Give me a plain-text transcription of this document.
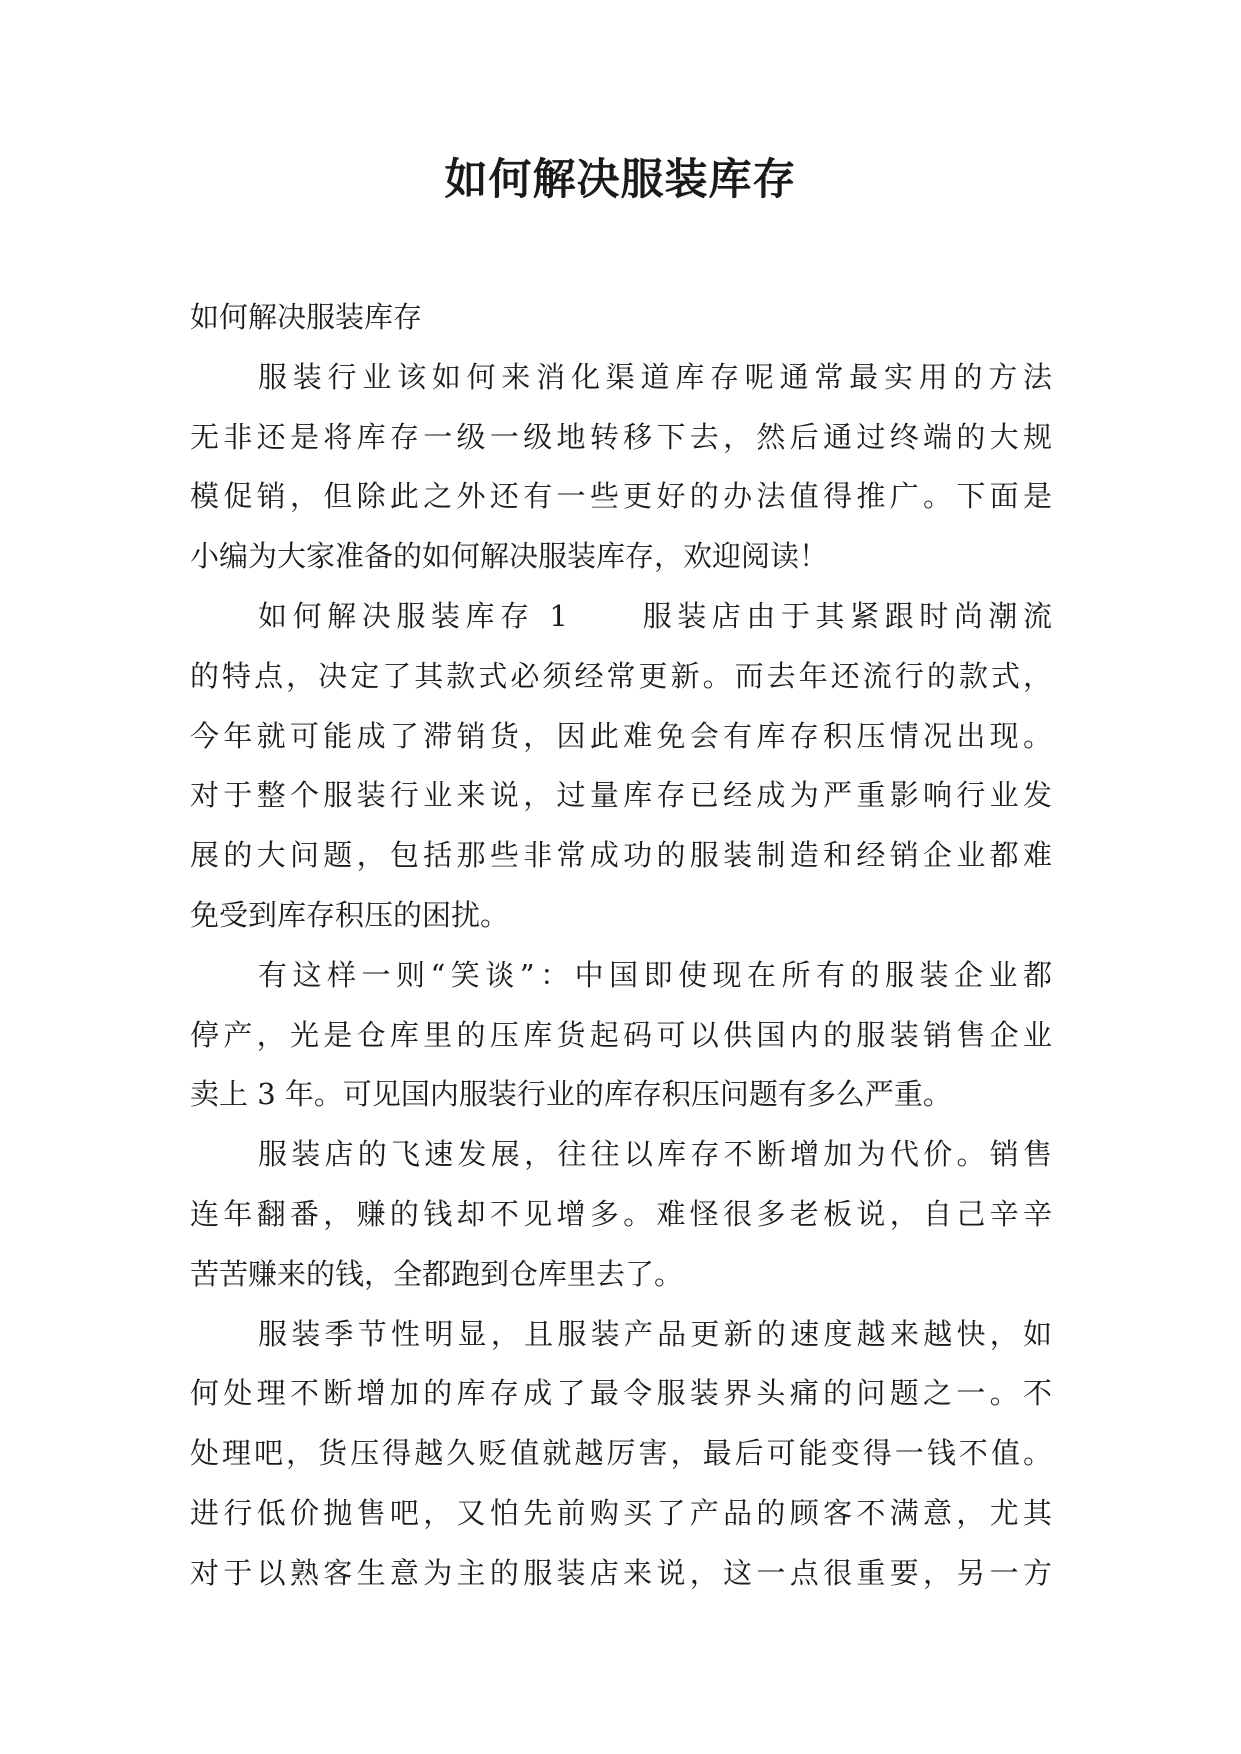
如何解决服装库存
如何解决服装库存
服装行业该如何来消化渠道库存呢通常最实用的方法
无非还是将库存一级一级地转移下去，然后通过终端的大规
模促销，但除此之外还有一些更好的办法值得推广。下面是
小编为大家准备的如何解决服装库存，欢迎阅读！
如何解决服装库存 1　　服装店由于其紧跟时尚潮流
的特点，决定了其款式必须经常更新。而去年还流行的款式，
今年就可能成了滞销货，因此难免会有库存积压情况出现。
对于整个服装行业来说，过量库存已经成为严重影响行业发
展的大问题，包括那些非常成功的服装制造和经销企业都难
免受到库存积压的困扰。
有这样一则“笑谈”：中国即使现在所有的服装企业都
停产，光是仓库里的压库货起码可以供国内的服装销售企业
卖上 3 年。可见国内服装行业的库存积压问题有多么严重。
服装店的飞速发展，往往以库存不断增加为代价。销售
连年翻番，赚的钱却不见增多。难怪很多老板说，自己辛辛
苦苦赚来的钱，全都跑到仓库里去了。
服装季节性明显，且服装产品更新的速度越来越快，如
何处理不断增加的库存成了最令服装界头痛的问题之一。不
处理吧，货压得越久贬值就越厉害，最后可能变得一钱不值。
进行低价抛售吧，又怕先前购买了产品的顾客不满意，尤其
对于以熟客生意为主的服装店来说，这一点很重要，另一方
